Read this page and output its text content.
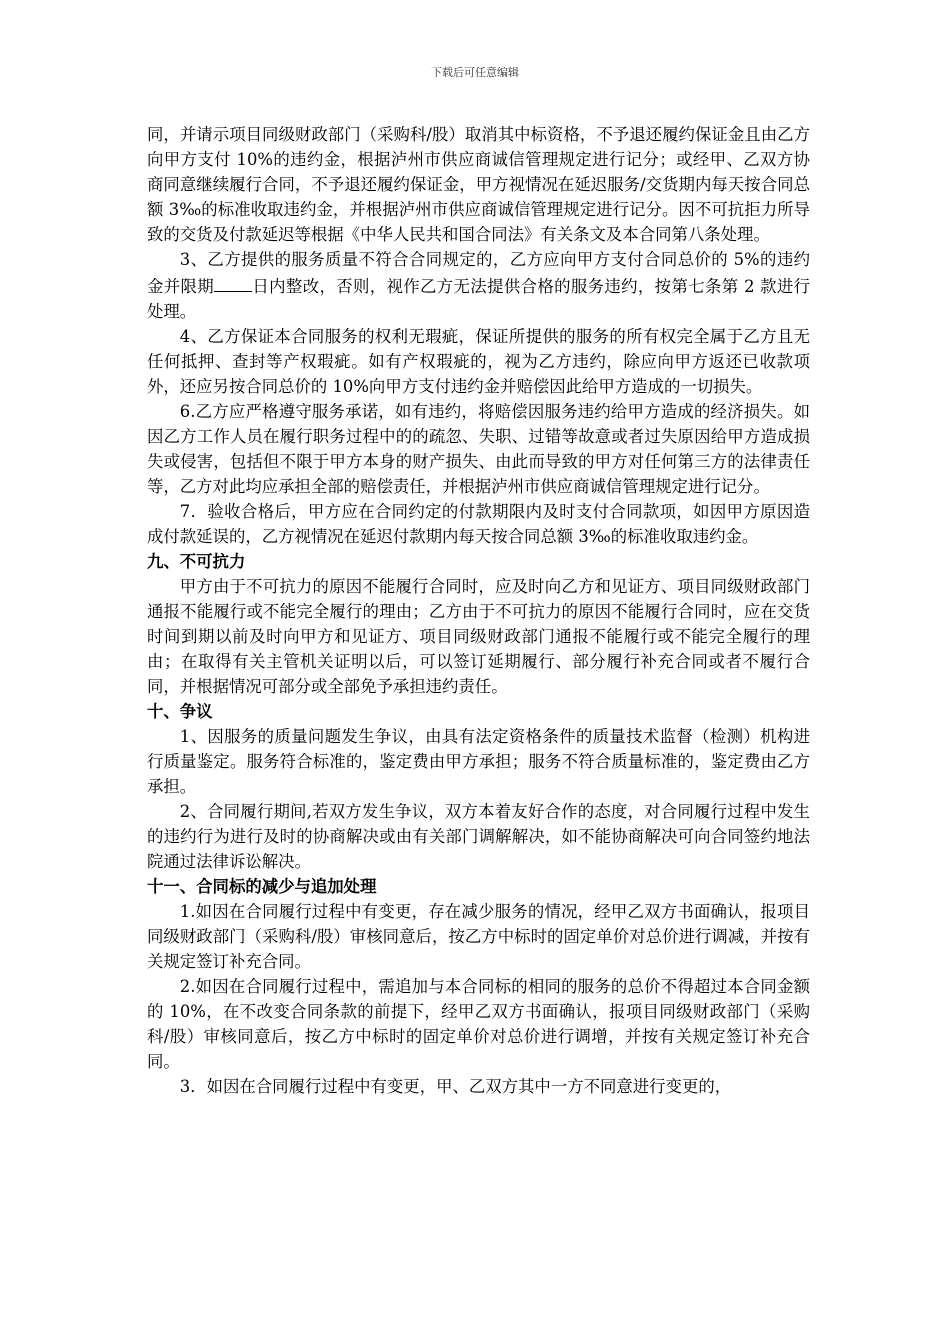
下载后可任意编辑

同，并请示项目同级财政部门（采购科/股）取消其中标资格，不予退还履约保证金且由乙方向甲方支付 10%的违约金，根据泸州市供应商诚信管理规定进行记分；或经甲、乙双方协商同意继续履行合同，不予退还履约保证金，甲方视情况在延迟服务/交货期内每天按合同总额 3‰的标准收取违约金，并根据泸州市供应商诚信管理规定进行记分。因不可抗拒力所导致的交货及付款延迟等根据《中华人民共和国合同法》有关条文及本合同第八条处理。

3、乙方提供的服务质量不符合合同规定的，乙方应向甲方支付合同总价的 5%的违约金并限期 日内整改，否则，视作乙方无法提供合格的服务违约，按第七条第 2 款进行处理。

4、乙方保证本合同服务的权利无瑕疵，保证所提供的服务的所有权完全属于乙方且无任何抵押、查封等产权瑕疵。如有产权瑕疵的，视为乙方违约，除应向甲方返还已收款项外，还应另按合同总价的 10%向甲方支付违约金并赔偿因此给甲方造成的一切损失。

6.乙方应严格遵守服务承诺，如有违约，将赔偿因服务违约给甲方造成的经济损失。如因乙方工作人员在履行职务过程中的的疏忽、失职、过错等故意或者过失原因给甲方造成损失或侵害，包括但不限于甲方本身的财产损失、由此而导致的甲方对任何第三方的法律责任等，乙方对此均应承担全部的赔偿责任，并根据泸州市供应商诚信管理规定进行记分。

7．验收合格后，甲方应在合同约定的付款期限内及时支付合同款项，如因甲方原因造成付款延误的，乙方视情况在延迟付款期内每天按合同总额 3‰的标准收取违约金。

九、不可抗力

甲方由于不可抗力的原因不能履行合同时，应及时向乙方和见证方、项目同级财政部门通报不能履行或不能完全履行的理由；乙方由于不可抗力的原因不能履行合同时，应在交货时间到期以前及时向甲方和见证方、项目同级财政部门通报不能履行或不能完全履行的理由；在取得有关主管机关证明以后，可以签订延期履行、部分履行补充合同或者不履行合同，并根据情况可部分或全部免予承担违约责任。

十、争议

1、因服务的质量问题发生争议，由具有法定资格条件的质量技术监督（检测）机构进行质量鉴定。服务符合标准的，鉴定费由甲方承担；服务不符合质量标准的，鉴定费由乙方承担。

2、合同履行期间,若双方发生争议，双方本着友好合作的态度，对合同履行过程中发生的违约行为进行及时的协商解决或由有关部门调解解决，如不能协商解决可向合同签约地法院通过法律诉讼解决。

十一、合同标的减少与追加处理

1.如因在合同履行过程中有变更，存在减少服务的情况，经甲乙双方书面确认，报项目同级财政部门（采购科/股）审核同意后，按乙方中标时的固定单价对总价进行调减，并按有关规定签订补充合同。

2.如因在合同履行过程中，需追加与本合同标的相同的服务的总价不得超过本合同金额的 10%，在不改变合同条款的前提下，经甲乙双方书面确认，报项目同级财政部门（采购科/股）审核同意后，按乙方中标时的固定单价对总价进行调增，并按有关规定签订补充合同。

3．如因在合同履行过程中有变更，甲、乙双方其中一方不同意进行变更的，
